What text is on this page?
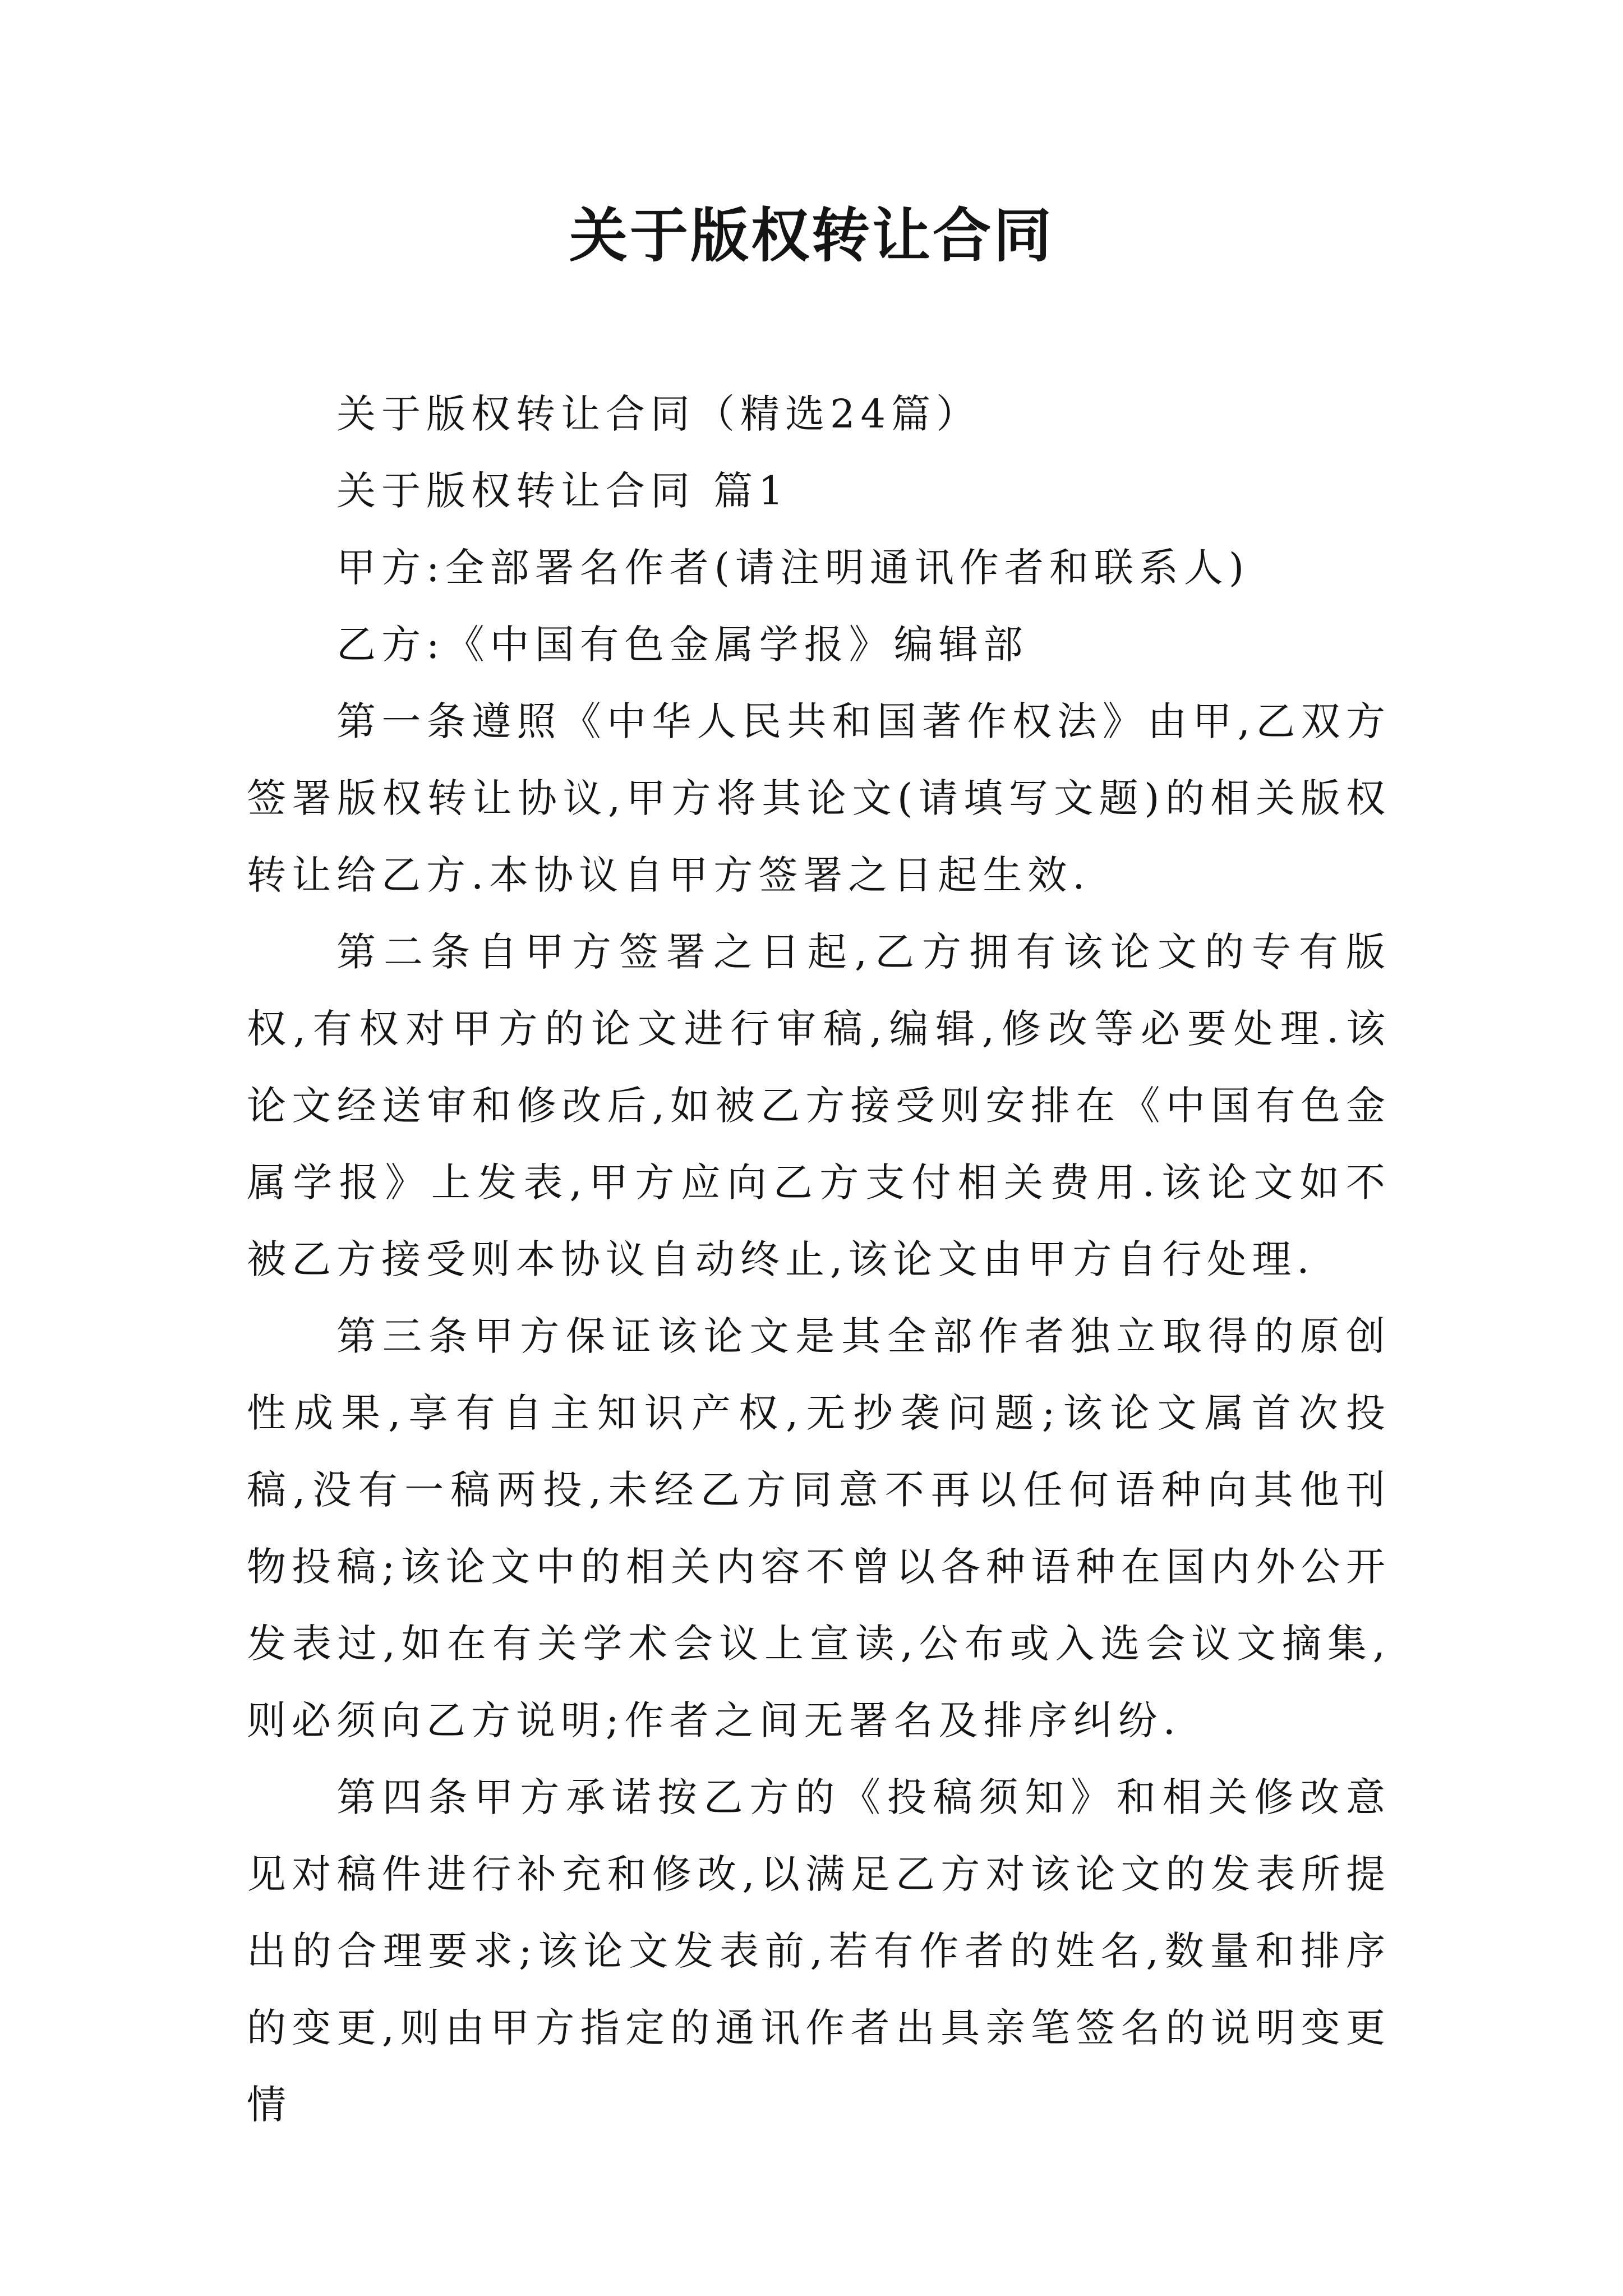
关于版权转让合同

关于版权转让合同（精选24篇）

关于版权转让合同 篇1

甲方:全部署名作者(请注明通讯作者和联系人)

乙方:《中国有色金属学报》编辑部

第一条遵照《中华人民共和国著作权法》由甲,乙双方签署版权转让协议,甲方将其论文(请填写文题)的相关版权转让给乙方.本协议自甲方签署之日起生效.

第二条自甲方签署之日起,乙方拥有该论文的专有版权,有权对甲方的论文进行审稿,编辑,修改等必要处理.该论文经送审和修改后,如被乙方接受则安排在《中国有色金属学报》上发表,甲方应向乙方支付相关费用.该论文如不被乙方接受则本协议自动终止,该论文由甲方自行处理.

第三条甲方保证该论文是其全部作者独立取得的原创性成果,享有自主知识产权,无抄袭问题;该论文属首次投稿,没有一稿两投,未经乙方同意不再以任何语种向其他刊物投稿;该论文中的相关内容不曾以各种语种在国内外公开发表过,如在有关学术会议上宣读,公布或入选会议文摘集,则必须向乙方说明;作者之间无署名及排序纠纷.

第四条甲方承诺按乙方的《投稿须知》和相关修改意见对稿件进行补充和修改,以满足乙方对该论文的发表所提出的合理要求;该论文发表前,若有作者的姓名,数量和排序的变更,则由甲方指定的通讯作者出具亲笔签名的说明变更情
